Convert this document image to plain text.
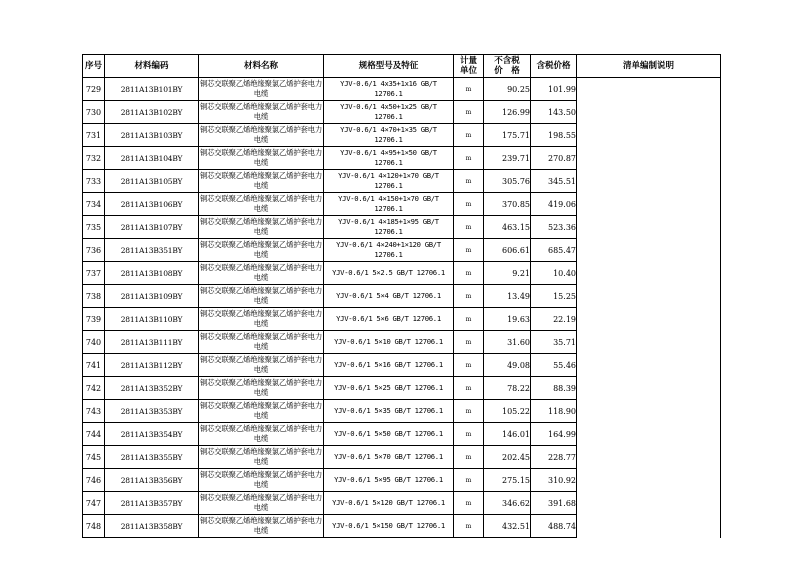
序号	材料编码	材料名称	规格型号及特征	计量
单位	不含税
价　格	含税价格	清单编制说明
729	2811A13B101BY	铜芯交联聚乙烯绝缘聚氯乙烯护套电力电缆	YJV-0.6/1 4x35+1x16 GB/T
12706.1	m	90.25	101.99	
730	2811A13B102BY	铜芯交联聚乙烯绝缘聚氯乙烯护套电力电缆	YJV-0.6/1 4x50+1x25 GB/T
12706.1	m	126.99	143.50	
731	2811A13B103BY	铜芯交联聚乙烯绝缘聚氯乙烯护套电力电缆	YJV-0.6/1 4×70+1×35 GB/T
12706.1	m	175.71	198.55	
732	2811A13B104BY	铜芯交联聚乙烯绝缘聚氯乙烯护套电力电缆	YJV-0.6/1 4×95+1×50 GB/T
12706.1	m	239.71	270.87	
733	2811A13B105BY	铜芯交联聚乙烯绝缘聚氯乙烯护套电力电缆	YJV-0.6/1 4×120+1×70 GB/T
12706.1	m	305.76	345.51	
734	2811A13B106BY	铜芯交联聚乙烯绝缘聚氯乙烯护套电力电缆	YJV-0.6/1 4×150+1×70 GB/T
12706.1	m	370.85	419.06	
735	2811A13B107BY	铜芯交联聚乙烯绝缘聚氯乙烯护套电力电缆	YJV-0.6/1 4×185+1×95 GB/T
12706.1	m	463.15	523.36	
736	2811A13B351BY	铜芯交联聚乙烯绝缘聚氯乙烯护套电力电缆	YJV-0.6/1 4×240+1×120 GB/T
12706.1	m	606.61	685.47	
737	2811A13B108BY	铜芯交联聚乙烯绝缘聚氯乙烯护套电力电缆	YJV-0.6/1 5×2.5 GB/T 12706.1	m	9.21	10.40	
738	2811A13B109BY	铜芯交联聚乙烯绝缘聚氯乙烯护套电力电缆	YJV-0.6/1 5×4 GB/T 12706.1	m	13.49	15.25	
739	2811A13B110BY	铜芯交联聚乙烯绝缘聚氯乙烯护套电力电缆	YJV-0.6/1 5×6 GB/T 12706.1	m	19.63	22.19	
740	2811A13B111BY	铜芯交联聚乙烯绝缘聚氯乙烯护套电力电缆	YJV-0.6/1 5×10 GB/T 12706.1	m	31.60	35.71	
741	2811A13B112BY	铜芯交联聚乙烯绝缘聚氯乙烯护套电力电缆	YJV-0.6/1 5×16 GB/T 12706.1	m	49.08	55.46	
742	2811A13B352BY	铜芯交联聚乙烯绝缘聚氯乙烯护套电力电缆	YJV-0.6/1 5×25 GB/T 12706.1	m	78.22	88.39	
743	2811A13B353BY	铜芯交联聚乙烯绝缘聚氯乙烯护套电力电缆	YJV-0.6/1 5×35 GB/T 12706.1	m	105.22	118.90	
744	2811A13B354BY	铜芯交联聚乙烯绝缘聚氯乙烯护套电力电缆	YJV-0.6/1 5×50 GB/T 12706.1	m	146.01	164.99	
745	2811A13B355BY	铜芯交联聚乙烯绝缘聚氯乙烯护套电力电缆	YJV-0.6/1 5×70 GB/T 12706.1	m	202.45	228.77	
746	2811A13B356BY	铜芯交联聚乙烯绝缘聚氯乙烯护套电力电缆	YJV-0.6/1 5×95 GB/T 12706.1	m	275.15	310.92	
747	2811A13B357BY	铜芯交联聚乙烯绝缘聚氯乙烯护套电力电缆	YJV-0.6/1 5×120 GB/T 12706.1	m	346.62	391.68	
748	2811A13B358BY	铜芯交联聚乙烯绝缘聚氯乙烯护套电力电缆	YJV-0.6/1 5×150 GB/T 12706.1	m	432.51	488.74	
